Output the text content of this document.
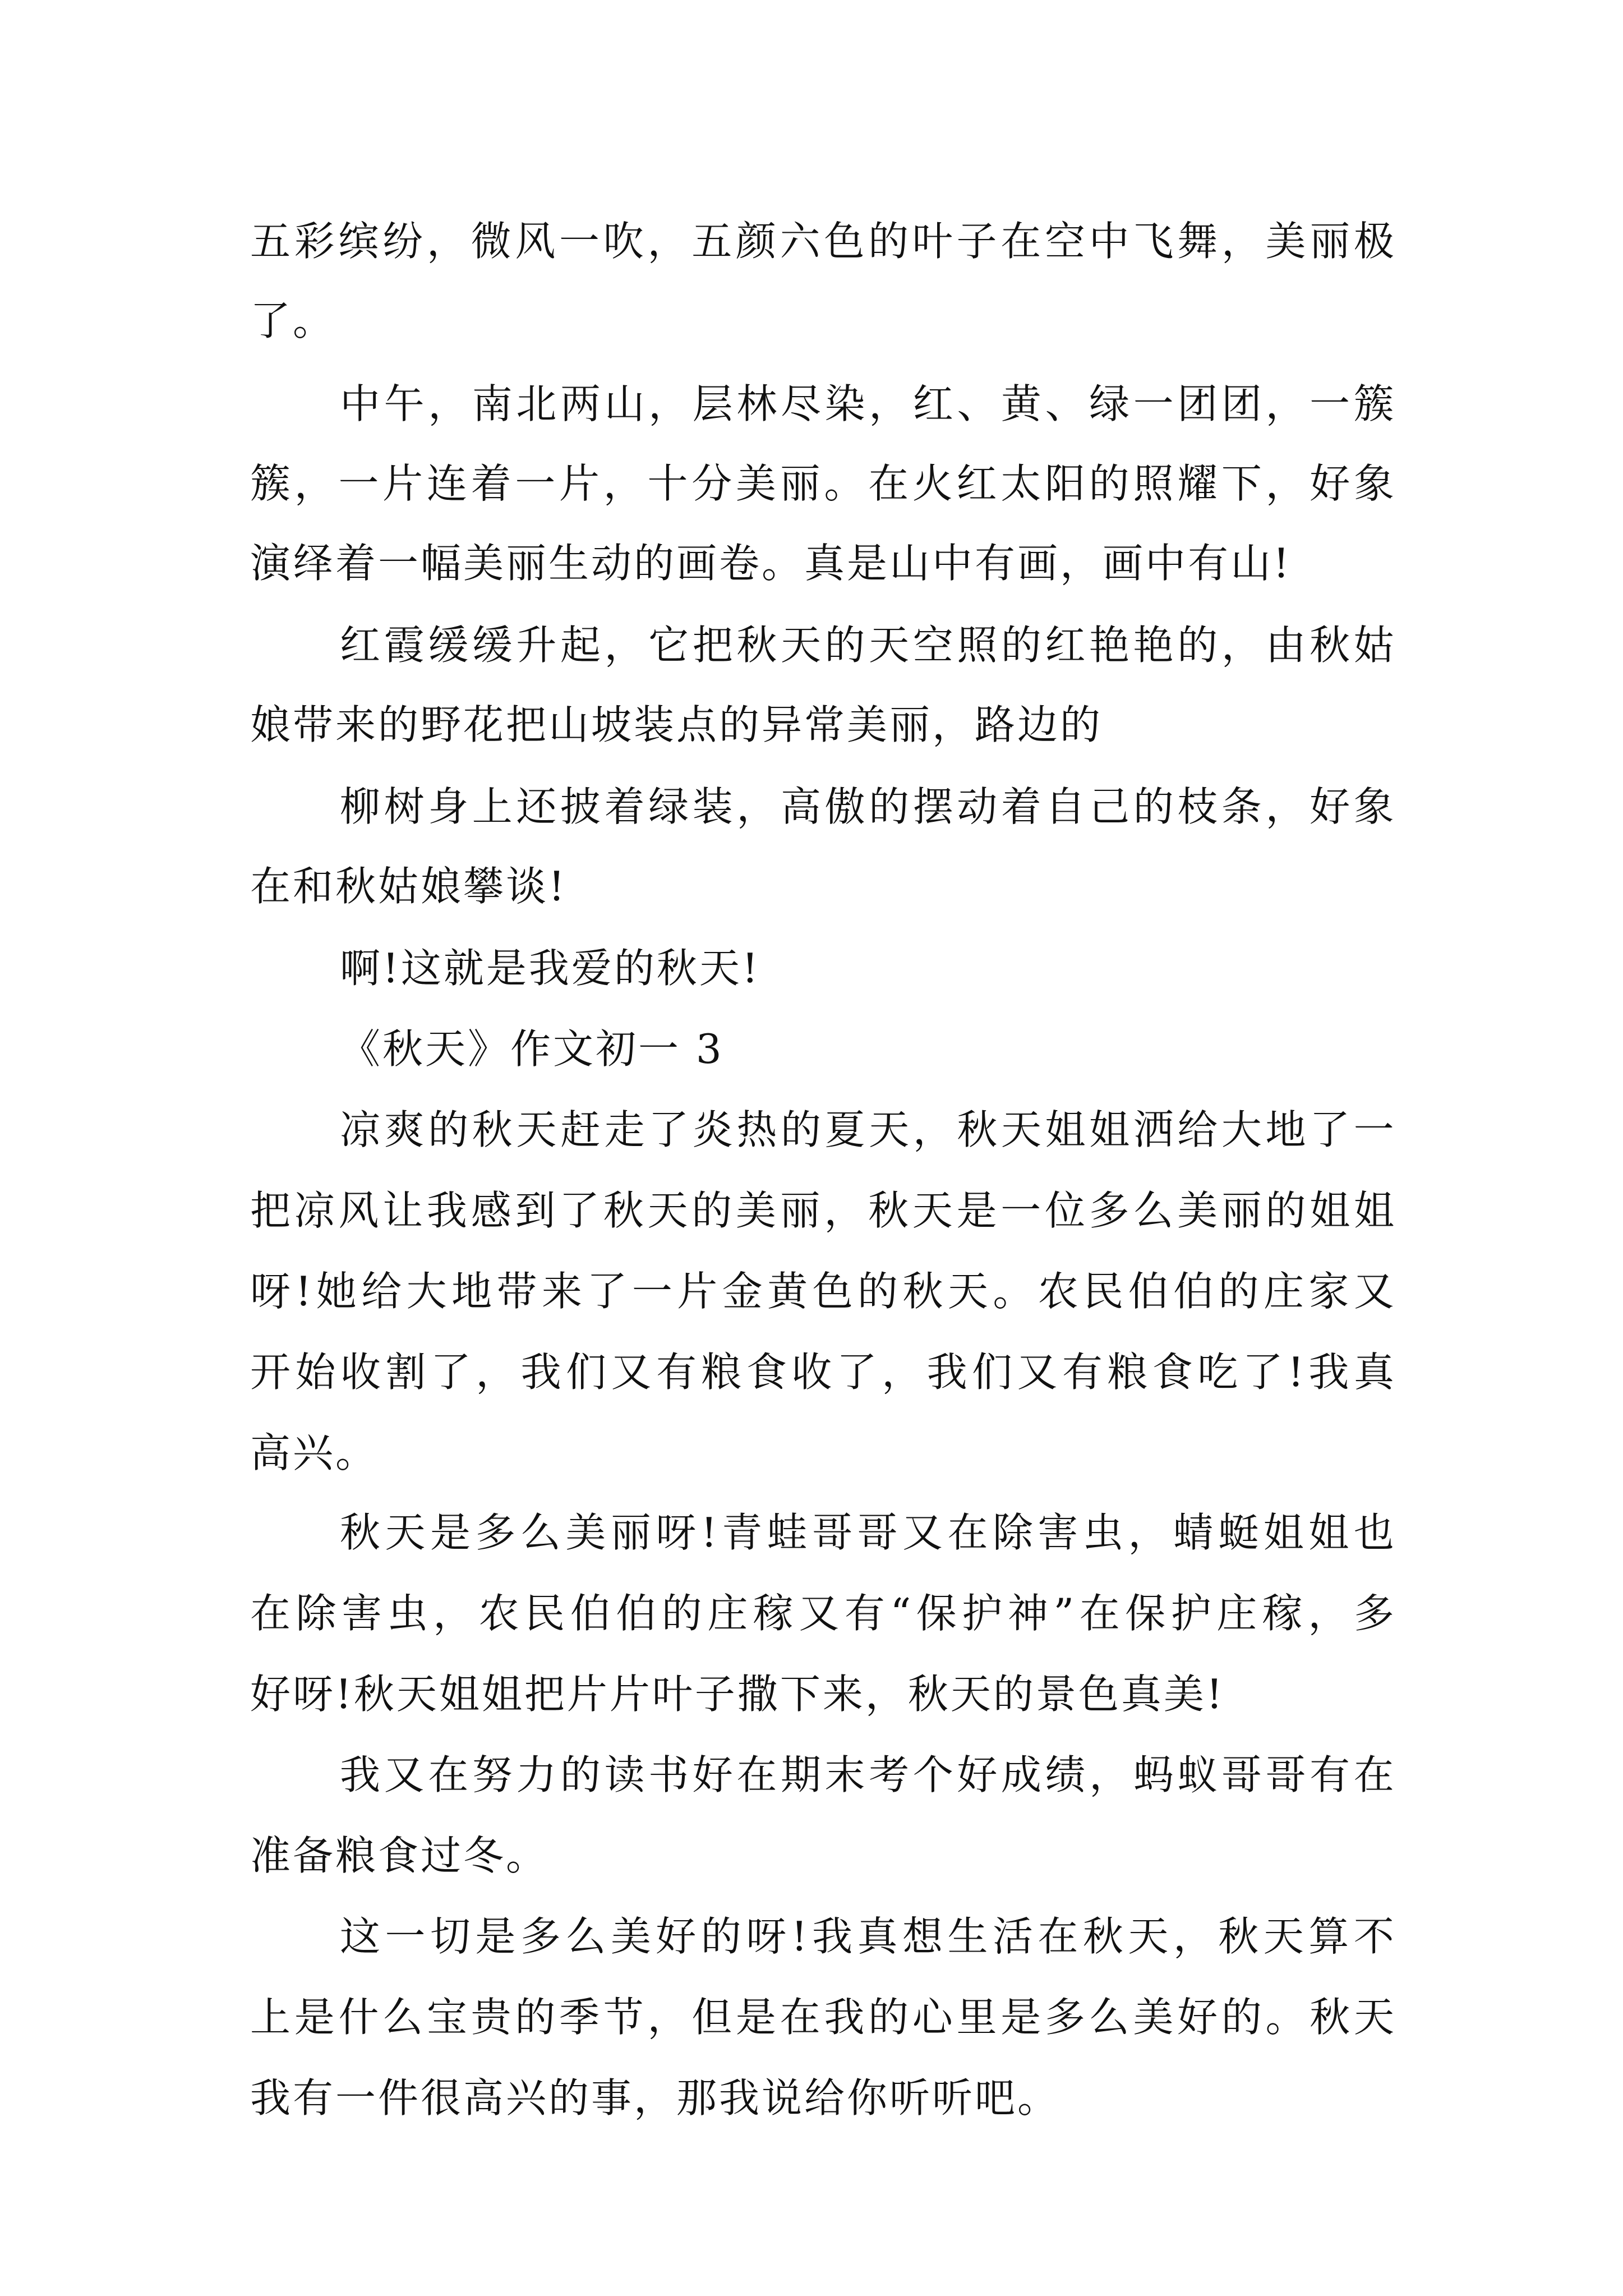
五 彩 缤 纷 ， 微 风 一 吹 ， 五 颜 六 色 的 叶 子 在 空 中 飞 舞 ， 美 丽 极
了。
中 午 ， 南 北 两 山 ， 层 林 尽 染 ， 红 、 黄 、 绿 一 团 团 ， 一 簇
簇 ， 一 片 连 着 一 片 ， 十 分 美 丽 。 在 火 红 太 阳 的 照 耀 下 ， 好 象
演绎着一幅美丽生动的画卷。真是山中有画，画中有山!
红 霞 缓 缓 升 起 ， 它 把 秋 天 的 天 空 照 的 红 艳 艳 的 ， 由 秋 姑
娘带来的野花把山坡装点的异常美丽，路边的
柳 树 身 上 还 披 着 绿 装 ， 高 傲 的 摆 动 着 自 己 的 枝 条 ， 好 象
在和秋姑娘攀谈!
啊!这就是我爱的秋天!
《秋天》作文初一 3
凉 爽 的 秋 天 赶 走 了 炎 热 的 夏 天 ， 秋 天 姐 姐 洒 给 大 地 了 一
把 凉 风 让 我 感 到 了 秋 天 的 美 丽 ， 秋 天 是 一 位 多 么 美 丽 的 姐 姐
呀 ! 她 给 大 地 带 来 了 一 片 金 黄 色 的 秋 天 。 农 民 伯 伯 的 庄 家 又
开 始 收 割 了 ， 我 们 又 有 粮 食 收 了 ， 我 们 又 有 粮 食 吃 了 ! 我 真
高兴。
秋 天 是 多 么 美 丽 呀 ! 青 蛙 哥 哥 又 在 除 害 虫 ， 蜻 蜓 姐 姐 也
在 除 害 虫 ， 农 民 伯 伯 的 庄 稼 又 有 “ 保 护 神 ” 在 保 护 庄 稼 ， 多
好呀!秋天姐姐把片片叶子撒下来，秋天的景色真美!
我 又 在 努 力 的 读 书 好 在 期 末 考 个 好 成 绩 ， 蚂 蚁 哥 哥 有 在
准备粮食过冬。
这 一 切 是 多 么 美 好 的 呀 ! 我 真 想 生 活 在 秋 天 ， 秋 天 算 不
上 是 什 么 宝 贵 的 季 节 ， 但 是 在 我 的 心 里 是 多 么 美 好 的 。 秋 天
我有一件很高兴的事，那我说给你听听吧。
